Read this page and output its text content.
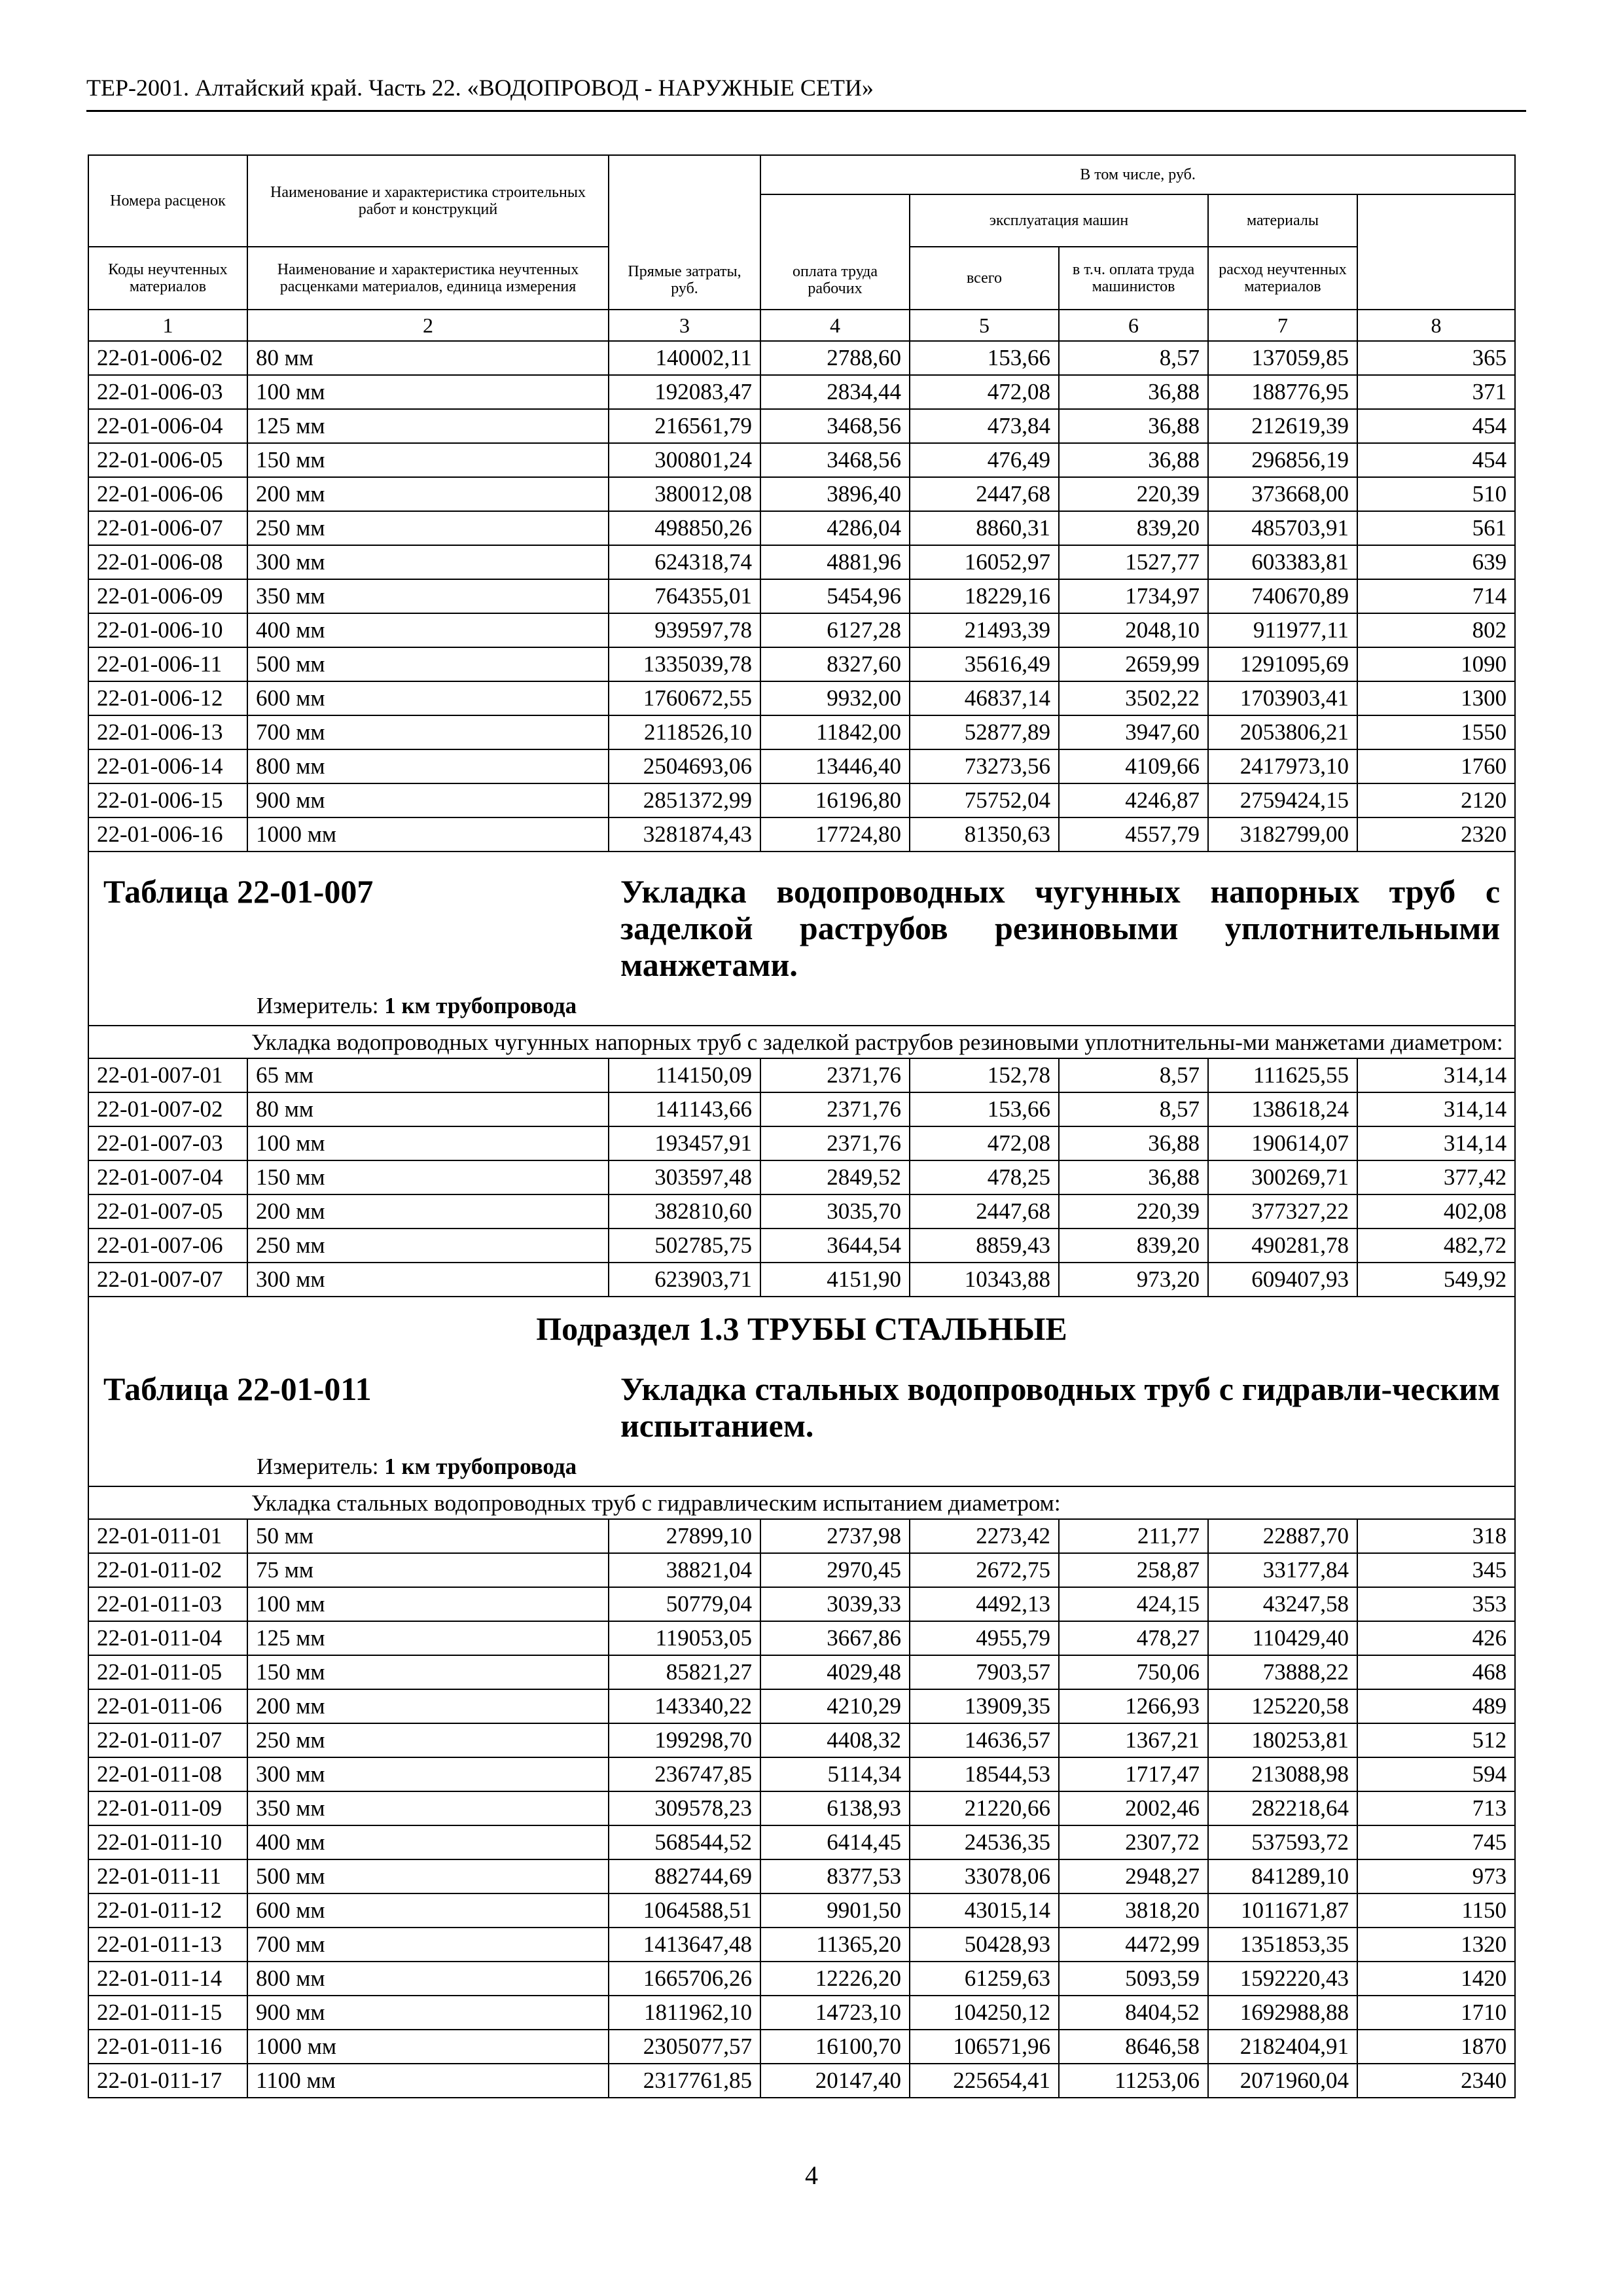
ТЕР-2001. Алтайский край. Часть 22. «ВОДОПРОВОД - НАРУЖНЫЕ СЕТИ»
Номера расценок	Наименование и характеристика строительных работ и конструкций	Прямые затраты, руб.	В том числе, руб.	
			оплата труда рабочих	эксплуатация машин		материалы		
Коды неучтенных материалов	Наименование и характеристика неучтенных расценками материалов, единица измерения			всего	в т.ч. оплата труда машинистов	расход неучтенных материалов		

1	2	3	4	5	6	7	8	
22-01-006-02	80 мм	140002,11	2788,60	153,66	8,57	137059,85	365	
22-01-006-03	100 мм	192083,47	2834,44	472,08	36,88	188776,95	371	
22-01-006-04	125 мм	216561,79	3468,56	473,84	36,88	212619,39	454	
22-01-006-05	150 мм	300801,24	3468,56	476,49	36,88	296856,19	454	
22-01-006-06	200 мм	380012,08	3896,40	2447,68	220,39	373668,00	510	
22-01-006-07	250 мм	498850,26	4286,04	8860,31	839,20	485703,91	561	
22-01-006-08	300 мм	624318,74	4881,96	16052,97	1527,77	603383,81	639	
22-01-006-09	350 мм	764355,01	5454,96	18229,16	1734,97	740670,89	714	
22-01-006-10	400 мм	939597,78	6127,28	21493,39	2048,10	911977,11	802	
22-01-006-11	500 мм	1335039,78	8327,60	35616,49	2659,99	1291095,69	1090	
22-01-006-12	600 мм	1760672,55	9932,00	46837,14	3502,22	1703903,41	1300	
22-01-006-13	700 мм	2118526,10	11842,00	52877,89	3947,60	2053806,21	1550	
22-01-006-14	800 мм	2504693,06	13446,40	73273,56	4109,66	2417973,10	1760	
22-01-006-15	900 мм	2851372,99	16196,80	75752,04	4246,87	2759424,15	2120	
22-01-006-16	1000 мм	3281874,43	17724,80	81350,63	4557,79	3182799,00	2320	

Таблица 22-01-007 Укладка водопроводных чугунных напорных труб с заделкой раструбов резиновыми уплотнительными манжетами.
Измеритель: 1 км трубопровода								

Укладка водопроводных чугунных напорных труб с заделкой раструбов резиновыми уплотнительны-ми манжетами диаметром:								
22-01-007-01	65 мм	114150,09	2371,76	152,78	8,57	111625,55	314,14	
22-01-007-02	80 мм	141143,66	2371,76	153,66	8,57	138618,24	314,14	
22-01-007-03	100 мм	193457,91	2371,76	472,08	36,88	190614,07	314,14	
22-01-007-04	150 мм	303597,48	2849,52	478,25	36,88	300269,71	377,42	
22-01-007-05	200 мм	382810,60	3035,70	2447,68	220,39	377327,22	402,08	
22-01-007-06	250 мм	502785,75	3644,54	8859,43	839,20	490281,78	482,72	
22-01-007-07	300 мм	623903,71	4151,90	10343,88	973,20	609407,93	549,92	

Подраздел 1.3 ТРУБЫ СТАЛЬНЫЕ
Таблица 22-01-011 Укладка стальных водопроводных труб с гидравли-ческим испытанием.
Измеритель: 1 км трубопровода								

Укладка стальных водопроводных труб с гидравлическим испытанием диаметром:								
22-01-011-01	50 мм	27899,10	2737,98	2273,42	211,77	22887,70	318	
22-01-011-02	75 мм	38821,04	2970,45	2672,75	258,87	33177,84	345	
22-01-011-03	100 мм	50779,04	3039,33	4492,13	424,15	43247,58	353	
22-01-011-04	125 мм	119053,05	3667,86	4955,79	478,27	110429,40	426	
22-01-011-05	150 мм	85821,27	4029,48	7903,57	750,06	73888,22	468	
22-01-011-06	200 мм	143340,22	4210,29	13909,35	1266,93	125220,58	489	
22-01-011-07	250 мм	199298,70	4408,32	14636,57	1367,21	180253,81	512	
22-01-011-08	300 мм	236747,85	5114,34	18544,53	1717,47	213088,98	594	
22-01-011-09	350 мм	309578,23	6138,93	21220,66	2002,46	282218,64	713	
22-01-011-10	400 мм	568544,52	6414,45	24536,35	2307,72	537593,72	745	
22-01-011-11	500 мм	882744,69	8377,53	33078,06	2948,27	841289,10	973	
22-01-011-12	600 мм	1064588,51	9901,50	43015,14	3818,20	1011671,87	1150	
22-01-011-13	700 мм	1413647,48	11365,20	50428,93	4472,99	1351853,35	1320	
22-01-011-14	800 мм	1665706,26	12226,20	61259,63	5093,59	1592220,43	1420	
22-01-011-15	900 мм	1811962,10	14723,10	104250,12	8404,52	1692988,88	1710	
22-01-011-16	1000 мм	2305077,57	16100,70	106571,96	8646,58	2182404,91	1870	
22-01-011-17	1100 мм	2317761,85	20147,40	225654,41	11253,06	2071960,04	2340	
4
